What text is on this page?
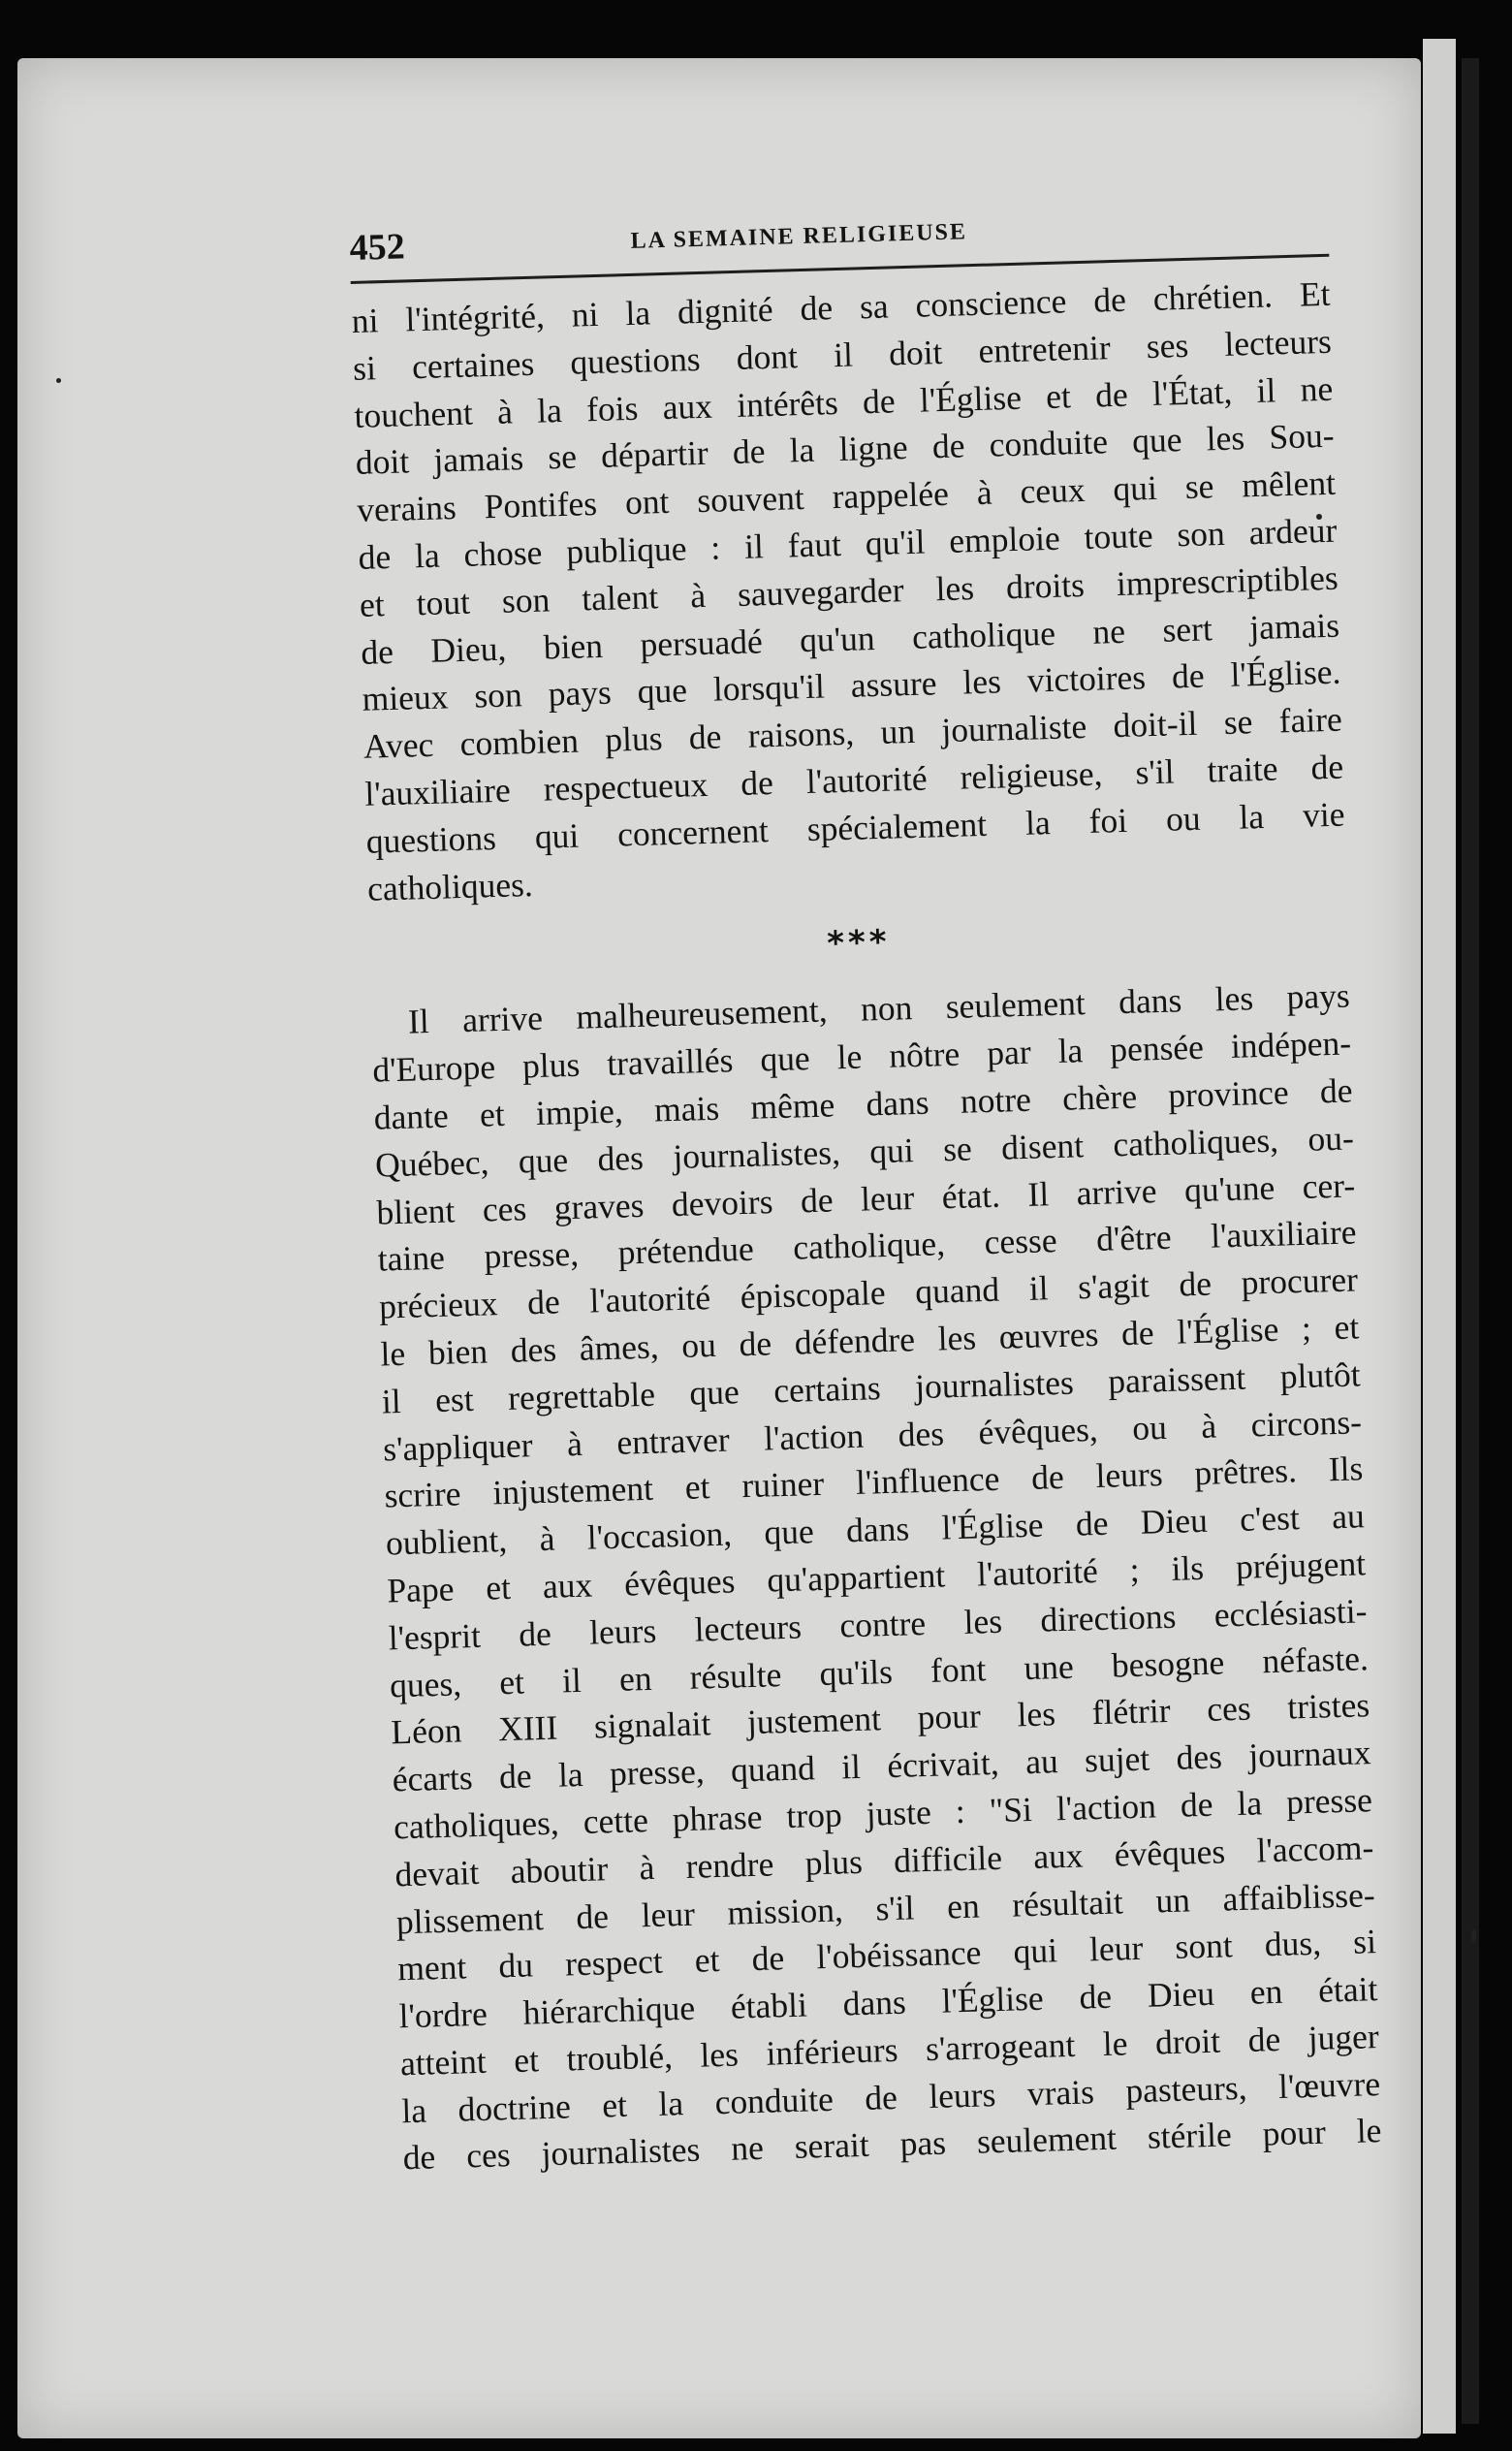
452	LA SEMAINE RELIGIEUSE
ni l'intégrité, ni la dignité de sa conscience de chrétien. Et
si certaines questions dont il doit entretenir ses lecteurs
touchent à la fois aux intérêts de l'Église et de l'État, il ne
doit jamais se départir de la ligne de conduite que les Sou-
verains Pontifes ont souvent rappelée à ceux qui se mêlent
de la chose publique : il faut qu'il emploie toute son ardeur
et tout son talent à sauvegarder les droits imprescriptibles
de Dieu, bien persuadé qu'un catholique ne sert jamais
mieux son pays que lorsqu'il assure les victoires de l'Église.
Avec combien plus de raisons, un journaliste doit-il se faire
l'auxiliaire respectueux de l'autorité religieuse, s'il traite de
questions qui concernent spécialement la foi ou la vie
catholiques.
***
Il arrive malheureusement, non seulement dans les pays
d'Europe plus travaillés que le nôtre par la pensée indépen-
dante et impie, mais même dans notre chère province de
Québec, que des journalistes, qui se disent catholiques, ou-
blient ces graves devoirs de leur état. Il arrive qu'une cer-
taine presse, prétendue catholique, cesse d'être l'auxiliaire
précieux de l'autorité épiscopale quand il s'agit de procurer
le bien des âmes, ou de défendre les œuvres de l'Église ; et
il est regrettable que certains journalistes paraissent plutôt
s'appliquer à entraver l'action des évêques, ou à circons-
scrire injustement et ruiner l'influence de leurs prêtres. Ils
oublient, à l'occasion, que dans l'Église de Dieu c'est au
Pape et aux évêques qu'appartient l'autorité ; ils préjugent
l'esprit de leurs lecteurs contre les directions ecclésiasti-
ques, et il en résulte qu'ils font une besogne néfaste.
Léon XIII signalait justement pour les flétrir ces tristes
écarts de la presse, quand il écrivait, au sujet des journaux
catholiques, cette phrase trop juste : "Si l'action de la presse
devait aboutir à rendre plus difficile aux évêques l'accom-
plissement de leur mission, s'il en résultait un affaiblisse-
ment du respect et de l'obéissance qui leur sont dus, si
l'ordre hiérarchique établi dans l'Église de Dieu en était
atteint et troublé, les inférieurs s'arrogeant le droit de juger
la doctrine et la conduite de leurs vrais pasteurs, l'œuvre
de ces journalistes ne serait pas seulement stérile pour le
